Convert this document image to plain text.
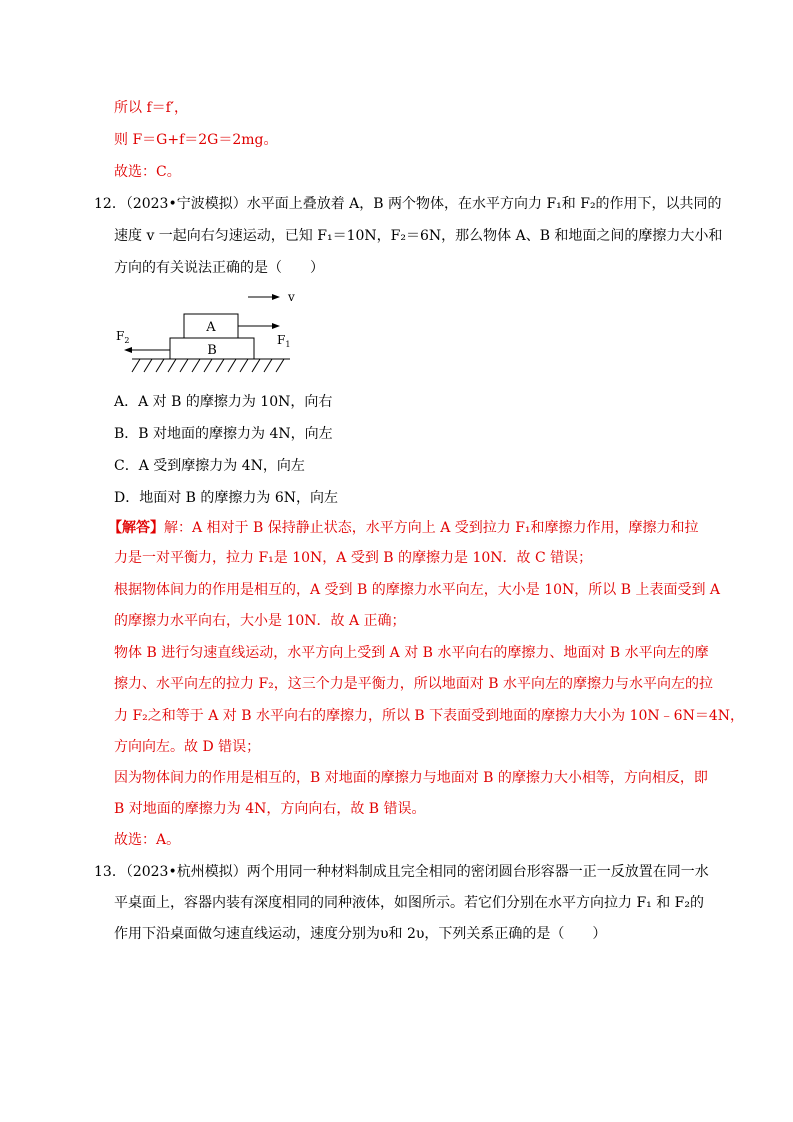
所以 f＝f′，
则 F＝G+f＝2G＝2mg。
故选：C。
12．（2023•宁波模拟）水平面上叠放着 A，B 两个物体，在水平方向力 F₁和 F₂的作用下，以共同的
速度 v 一起向右匀速运动，已知 F₁＝10N，F₂＝6N，那么物体 A、B 和地面之间的摩擦力大小和
方向的有关说法正确的是（　　）
v
A
$F_1$
B
$F_2$
A．A 对 B 的摩擦力为 10N，向右
B．B 对地面的摩擦力为 4N，向左
C．A 受到摩擦力为 4N，向左
D．地面对 B 的摩擦力为 6N，向左
【解答】解：A 相对于 B 保持静止状态，水平方向上 A 受到拉力 F₁和摩擦力作用，摩擦力和拉
力是一对平衡力，拉力 F₁是 10N，A 受到 B 的摩擦力是 10N．故 C 错误；
根据物体间力的作用是相互的，A 受到 B 的摩擦力水平向左，大小是 10N，所以 B 上表面受到 A
的摩擦力水平向右，大小是 10N．故 A 正确；
物体 B 进行匀速直线运动，水平方向上受到 A 对 B 水平向右的摩擦力、地面对 B 水平向左的摩
擦力、水平向左的拉力 F₂，这三个力是平衡力，所以地面对 B 水平向左的摩擦力与水平向左的拉
力 F₂之和等于 A 对 B 水平向右的摩擦力，所以 B 下表面受到地面的摩擦力大小为 10N﹣6N＝4N，
方向向左。故 D 错误；
因为物体间力的作用是相互的，B 对地面的摩擦力与地面对 B 的摩擦力大小相等，方向相反，即
B 对地面的摩擦力为 4N，方向向右，故 B 错误。
故选：A。
13．（2023•杭州模拟）两个用同一种材料制成且完全相同的密闭圆台形容器一正一反放置在同一水
平桌面上，容器内装有深度相同的同种液体，如图所示。若它们分别在水平方向拉力 F₁ 和 F₂的
作用下沿桌面做匀速直线运动，速度分别为υ和 2υ，下列关系正确的是（　　）
